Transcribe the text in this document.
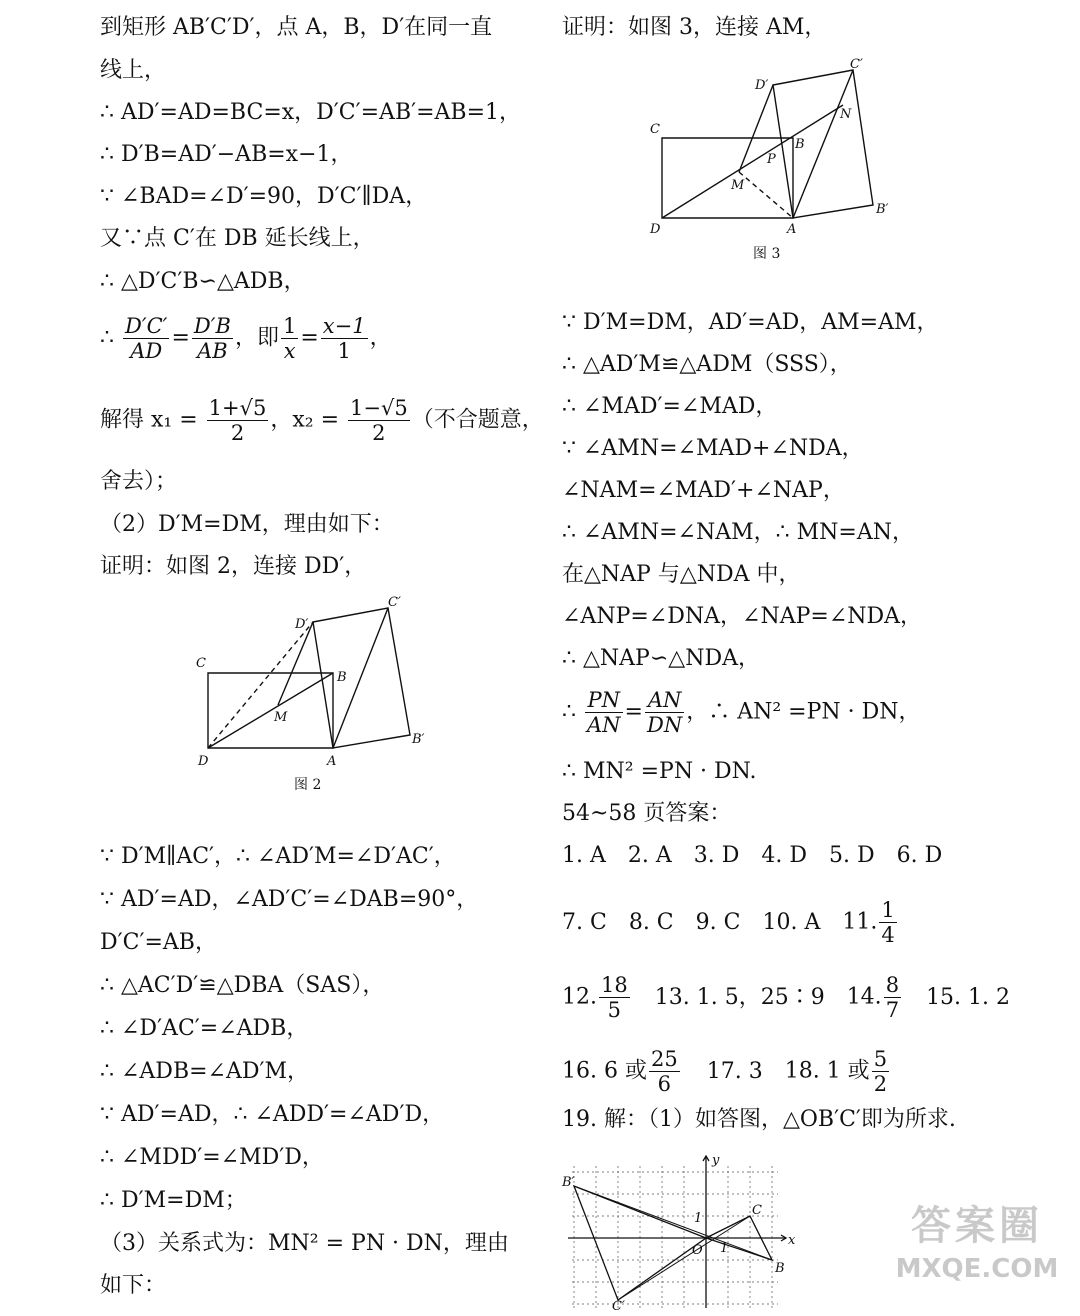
到矩形 AB′C′D′，点 A，B，D′在同一直
线上，
∴ AD′=AD=BC=x，D′C′=AB′=AB=1，
∴ D′B=AD′−AB=x−1，
∵ ∠BAD=∠D′=90，D′C′∥DA，
又∵点 C′在 DB 延长线上，
∴ △D′C′B∽△ADB，
∴ $\frac{D'C'}{AD} = \frac{D'B}{AB}$ ，即 $\frac{1}{x} = \frac{x-1}{1}$ ，
解得 $x_1 = \frac{1+√5}{2}$ ，$x_2 = \frac{1-√5}{2}$ （不合题意，
舍去）；
（2）D′M=DM，理由如下：
证明：如图 2，连接 DD′，
∵ D′M∥AC′，∴ ∠AD′M=∠D′AC′，
∵ AD′=AD，∠AD′C′=∠DAB=90°，
D′C′=AB，
∴ △AC′D′≌△DBA（SAS），
∴ ∠D′AC′=∠ADB，
∴ ∠ADB=∠AD′M，
∵ AD′=AD，∴ ∠ADD′=∠AD′D，
∴ ∠MDD′=∠MD′D，
∴ D′M=DM；
（3）关系式为：MN² = PN · DN，理由
如下：
C
D	A
B
D′
C′
B′
M
图 2
证明：如图 3，连接 AM，
∵ D′M=DM，AD′=AD，AM=AM，
∴ △AD′M≌△ADM（SSS），
∴ ∠MAD′=∠MAD，
∵ ∠AMN=∠MAD+∠NDA，
∠NAM=∠MAD′+∠NAP，
∴ ∠AMN=∠NAM，∴ MN=AN，
在△NAP 与△NDA 中，
∠ANP=∠DNA，∠NAP=∠NDA，
∴ △NAP∽△NDA，
∴ $\frac{PN}{AN} = \frac{AN}{DN}$ ，∴ AN² =PN · DN，
∴ MN² =PN · DN.
54~58 页答案：
1. A 2. A 3. D 4. D 5. D 6. D
7. C 8. C 9. C 10. A 11. $\frac{1}{4}$
12. $\frac{18}{5} 13$. 1. 5，25∶9 14. $\frac{8}{7} 15$. 1. 2
16. 6 或 $\frac{25}{6} 17$. 3 18. 1 或 $\frac{5}{2}$
19. 解：（1）如答图，△OB′C′即为所求.
C
D	A
B
D′
C′
B′
M
N
P
图 3
y
x
O
1
1
B′
C′
C
B
答案圈
MXQE.COM
